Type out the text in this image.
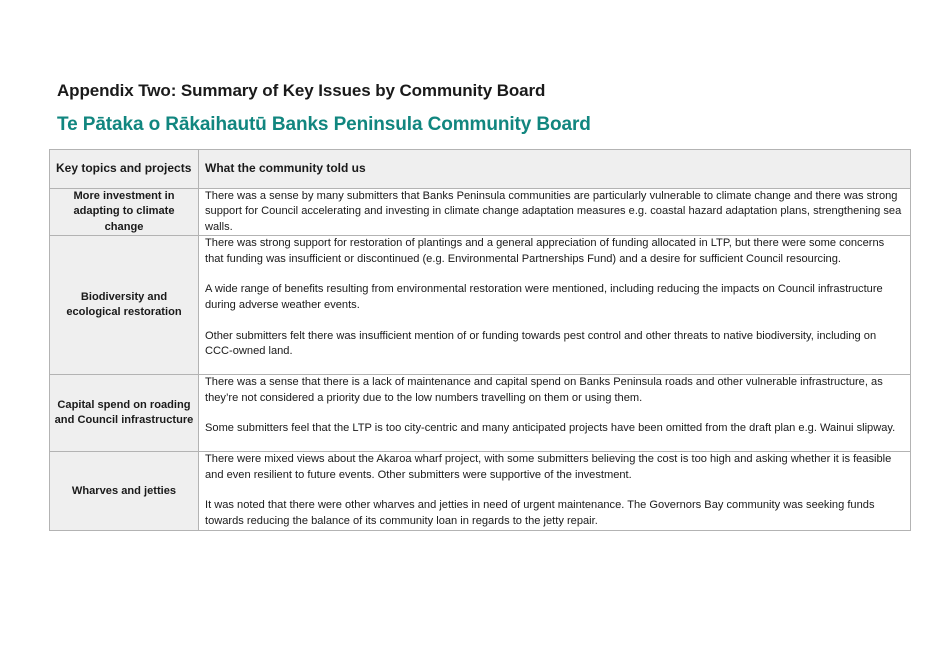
Appendix Two: Summary of Key Issues by Community Board
Te Pātaka o Rākaihautū Banks Peninsula Community Board
Key topics and projects	What the community told us
More investment in adapting to climate change	There was a sense by many submitters that Banks Peninsula communities are particularly vulnerable to climate change and there was strong support for Council accelerating and investing in climate change adaptation measures e.g. coastal hazard adaptation plans, strengthening sea walls.

Biodiversity and ecological restoration	There was strong support for restoration of plantings and a general appreciation of funding allocated in LTP, but there were some concerns that funding was insufficient or discontinued (e.g. Environmental Partnerships Fund) and a desire for sufficient Council resourcing.

A wide range of benefits resulting from environmental restoration were mentioned, including reducing the impacts on Council infrastructure during adverse weather events.

Other submitters felt there was insufficient mention of or funding towards pest control and other threats to native biodiversity, including on CCC-owned land.

Capital spend on roading and Council infrastructure	There was a sense that there is a lack of maintenance and capital spend on Banks Peninsula roads and other vulnerable infrastructure, as they’re not considered a priority due to the low numbers travelling on them or using them.

Some submitters feel that the LTP is too city-centric and many anticipated projects have been omitted from the draft plan e.g. Wainui slipway.

Wharves and jetties	There were mixed views about the Akaroa wharf project, with some submitters believing the cost is too high and asking whether it is feasible and even resilient to future events. Other submitters were supportive of the investment.

It was noted that there were other wharves and jetties in need of urgent maintenance. The Governors Bay community was seeking funds towards reducing the balance of its community loan in regards to the jetty repair.
